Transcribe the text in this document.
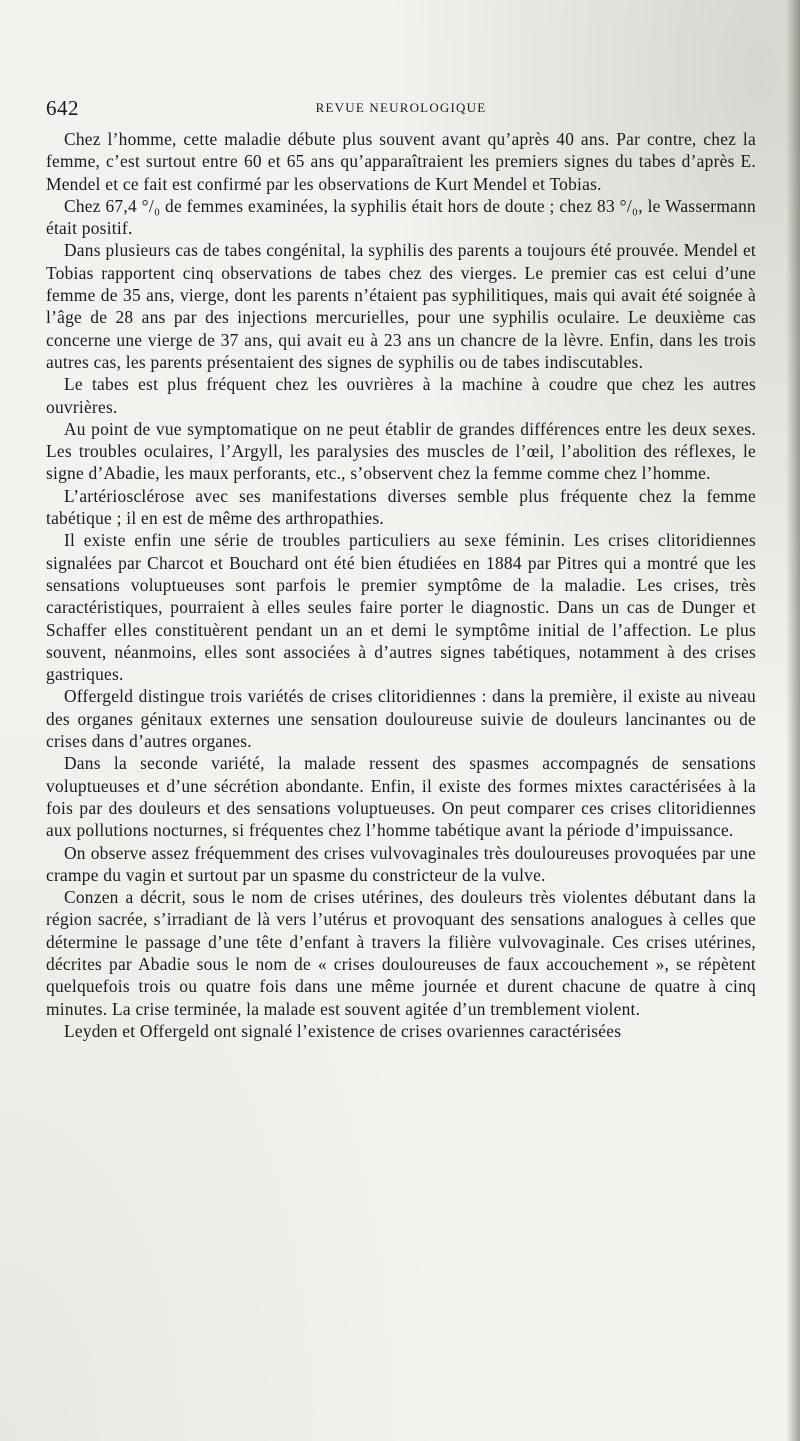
642	REVUE NEUROLOGIQUE

Chez l’homme, cette maladie débute plus souvent avant qu’après 40 ans. Par contre, chez la femme, c’est surtout entre 60 et 65 ans qu’apparaîtraient les premiers signes du tabes d’après E. Mendel et ce fait est confirmé par les observations de Kurt Mendel et Tobias.

Chez 67,4 °/₀ de femmes examinées, la syphilis était hors de doute ; chez 83 °/₀, le Wassermann était positif.

Dans plusieurs cas de tabes congénital, la syphilis des parents a toujours été prouvée. Mendel et Tobias rapportent cinq observations de tabes chez des vierges. Le premier cas est celui d’une femme de 35 ans, vierge, dont les parents n’étaient pas syphilitiques, mais qui avait été soignée à l’âge de 28 ans par des injections mercurielles, pour une syphilis oculaire. Le deuxième cas concerne une vierge de 37 ans, qui avait eu à 23 ans un chancre de la lèvre. Enfin, dans les trois autres cas, les parents présentaient des signes de syphilis ou de tabes indiscutables.

Le tabes est plus fréquent chez les ouvrières à la machine à coudre que chez les autres ouvrières.

Au point de vue symptomatique on ne peut établir de grandes différences entre les deux sexes. Les troubles oculaires, l’Argyll, les paralysies des muscles de l’œil, l’abolition des réflexes, le signe d’Abadie, les maux perforants, etc., s’observent chez la femme comme chez l’homme.

L’artériosclérose avec ses manifestations diverses semble plus fréquente chez la femme tabétique ; il en est de même des arthropathies.

Il existe enfin une série de troubles particuliers au sexe féminin. Les crises clitoridiennes signalées par Charcot et Bouchard ont été bien étudiées en 1884 par Pitres qui a montré que les sensations voluptueuses sont parfois le premier symptôme de la maladie. Les crises, très caractéristiques, pourraient à elles seules faire porter le diagnostic. Dans un cas de Dunger et Schaffer elles constituèrent pendant un an et demi le symptôme initial de l’affection. Le plus souvent, néanmoins, elles sont associées à d’autres signes tabétiques, notamment à des crises gastriques.

Offergeld distingue trois variétés de crises clitoridiennes : dans la première, il existe au niveau des organes génitaux externes une sensation douloureuse suivie de douleurs lancinantes ou de crises dans d’autres organes.

Dans la seconde variété, la malade ressent des spasmes accompagnés de sensations voluptueuses et d’une sécrétion abondante. Enfin, il existe des formes mixtes caractérisées à la fois par des douleurs et des sensations voluptueuses. On peut comparer ces crises clitoridiennes aux pollutions nocturnes, si fréquentes chez l’homme tabétique avant la période d’impuissance.

On observe assez fréquemment des crises vulvovaginales très douloureuses provoquées par une crampe du vagin et surtout par un spasme du constricteur de la vulve.

Conzen a décrit, sous le nom de crises utérines, des douleurs très violentes débutant dans la région sacrée, s’irradiant de là vers l’utérus et provoquant des sensations analogues à celles que détermine le passage d’une tête d’enfant à travers la filière vulvovaginale. Ces crises utérines, décrites par Abadie sous le nom de « crises douloureuses de faux accouchement », se répètent quelquefois trois ou quatre fois dans une même journée et durent chacune de quatre à cinq minutes. La crise terminée, la malade est souvent agitée d’un tremblement violent.

Leyden et Offergeld ont signalé l’existence de crises ovariennes caractérisées
